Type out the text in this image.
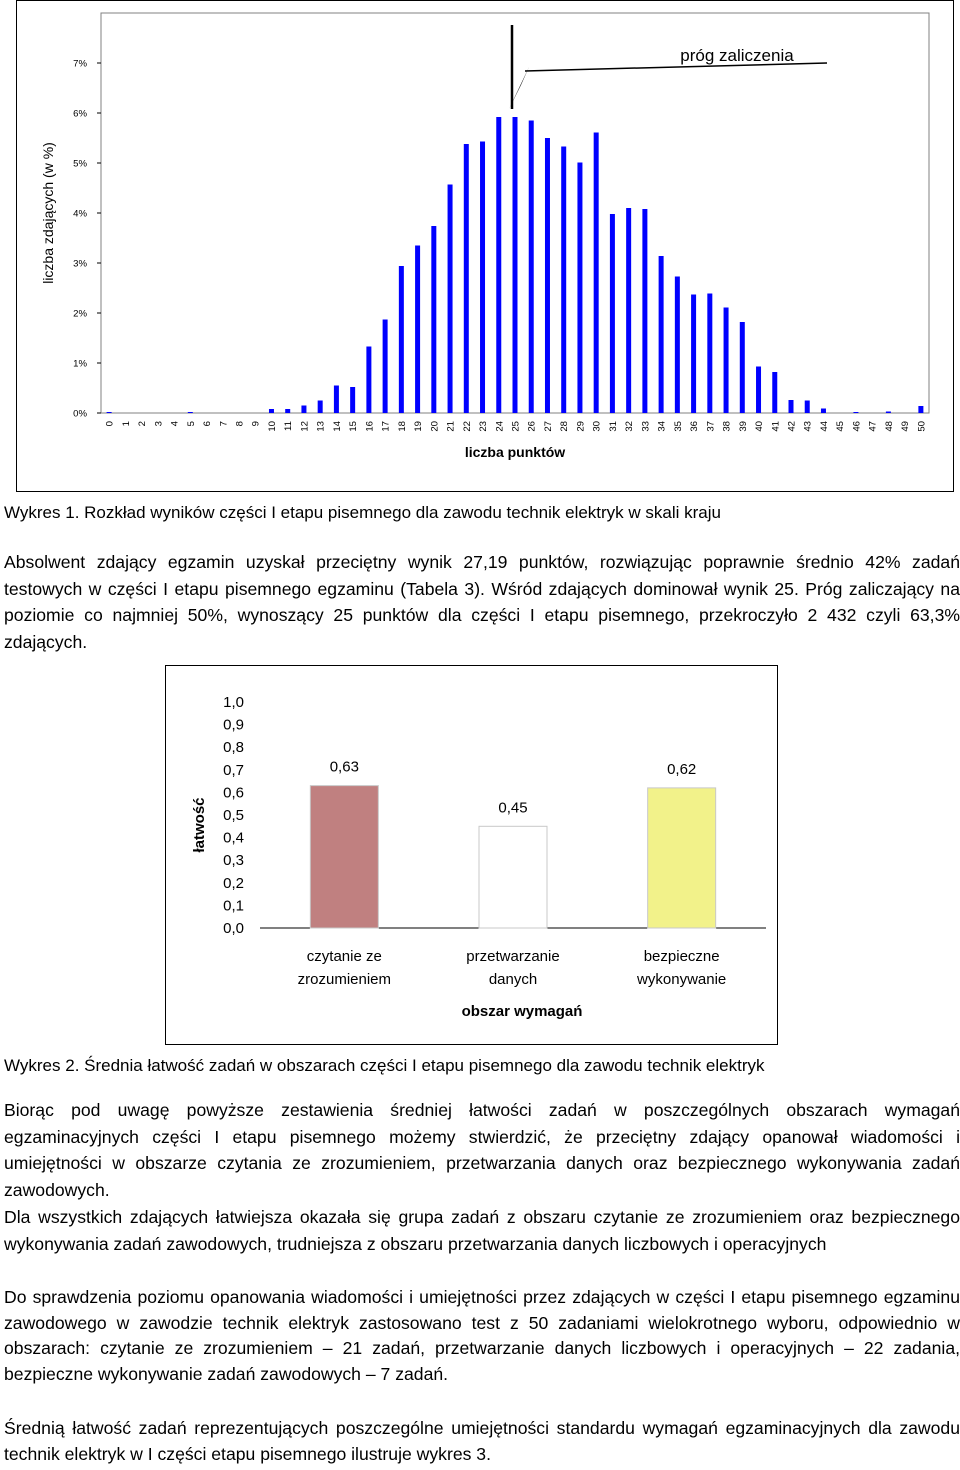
0%
1%
2%
3%
4%
5%
6%
7%
0 1 2 3 4 5 6 7 8 9 10 11 12 13 14 15 16 17 18 19 20 21 22 23 24 25 26 27 28 29 30 31 32 33 34 35 36 37 38 39 40 41 42 43 44 45 46 47 48 49 50
liczba zdających (w %)
liczba punktów
próg zaliczenia
Wykres 1. Rozkład wyników części I etapu pisemnego dla zawodu technik elektryk w skali kraju

Absolwent zdający egzamin uzyskał przeciętny wynik 27,19 punktów, rozwiązując poprawnie średnio 42% zadań testowych w części I etapu pisemnego egzaminu (Tabela 3). Wśród zdających dominował wynik 25. Próg zaliczający na poziomie co najmniej 50%, wynoszący 25 punktów dla części I etapu pisemnego, przekroczyło 2 432 czyli 63,3% zdających.

0,0
0,1
0,2
0,3
0,4
0,5
0,6
0,7
0,8
0,9
1,0
0,63
czytanie ze
zrozumieniem
0,45
przetwarzanie
danych
0,62
bezpieczne
wykonywanie
łatwość
obszar wymagań
Wykres 2. Średnia łatwość zadań w obszarach części I etapu pisemnego dla zawodu technik elektryk

Biorąc pod uwagę powyższe zestawienia średniej łatwości zadań w poszczególnych obszarach wymagań egzaminacyjnych części I etapu pisemnego możemy stwierdzić, że przeciętny zdający opanował wiadomości i umiejętności w obszarze czytania ze zrozumieniem, przetwarzania danych oraz bezpiecznego wykonywania zadań zawodowych.

Dla wszystkich zdających łatwiejsza okazała się grupa zadań z obszaru czytanie ze zrozumieniem oraz bezpiecznego wykonywania zadań zawodowych, trudniejsza z obszaru przetwarzania danych liczbowych i operacyjnych

Do sprawdzenia poziomu opanowania wiadomości i umiejętności przez zdających w części I etapu pisemnego egzaminu zawodowego w zawodzie technik elektryk zastosowano test z 50 zadaniami wielokrotnego wyboru, odpowiednio w obszarach: czytanie ze zrozumieniem – 21 zadań, przetwarzanie danych liczbowych i operacyjnych – 22 zadania, bezpieczne wykonywanie zadań zawodowych – 7 zadań.

Średnią łatwość zadań reprezentujących poszczególne umiejętności standardu wymagań egzaminacyjnych dla zawodu technik elektryk w I części etapu pisemnego ilustruje wykres 3.
